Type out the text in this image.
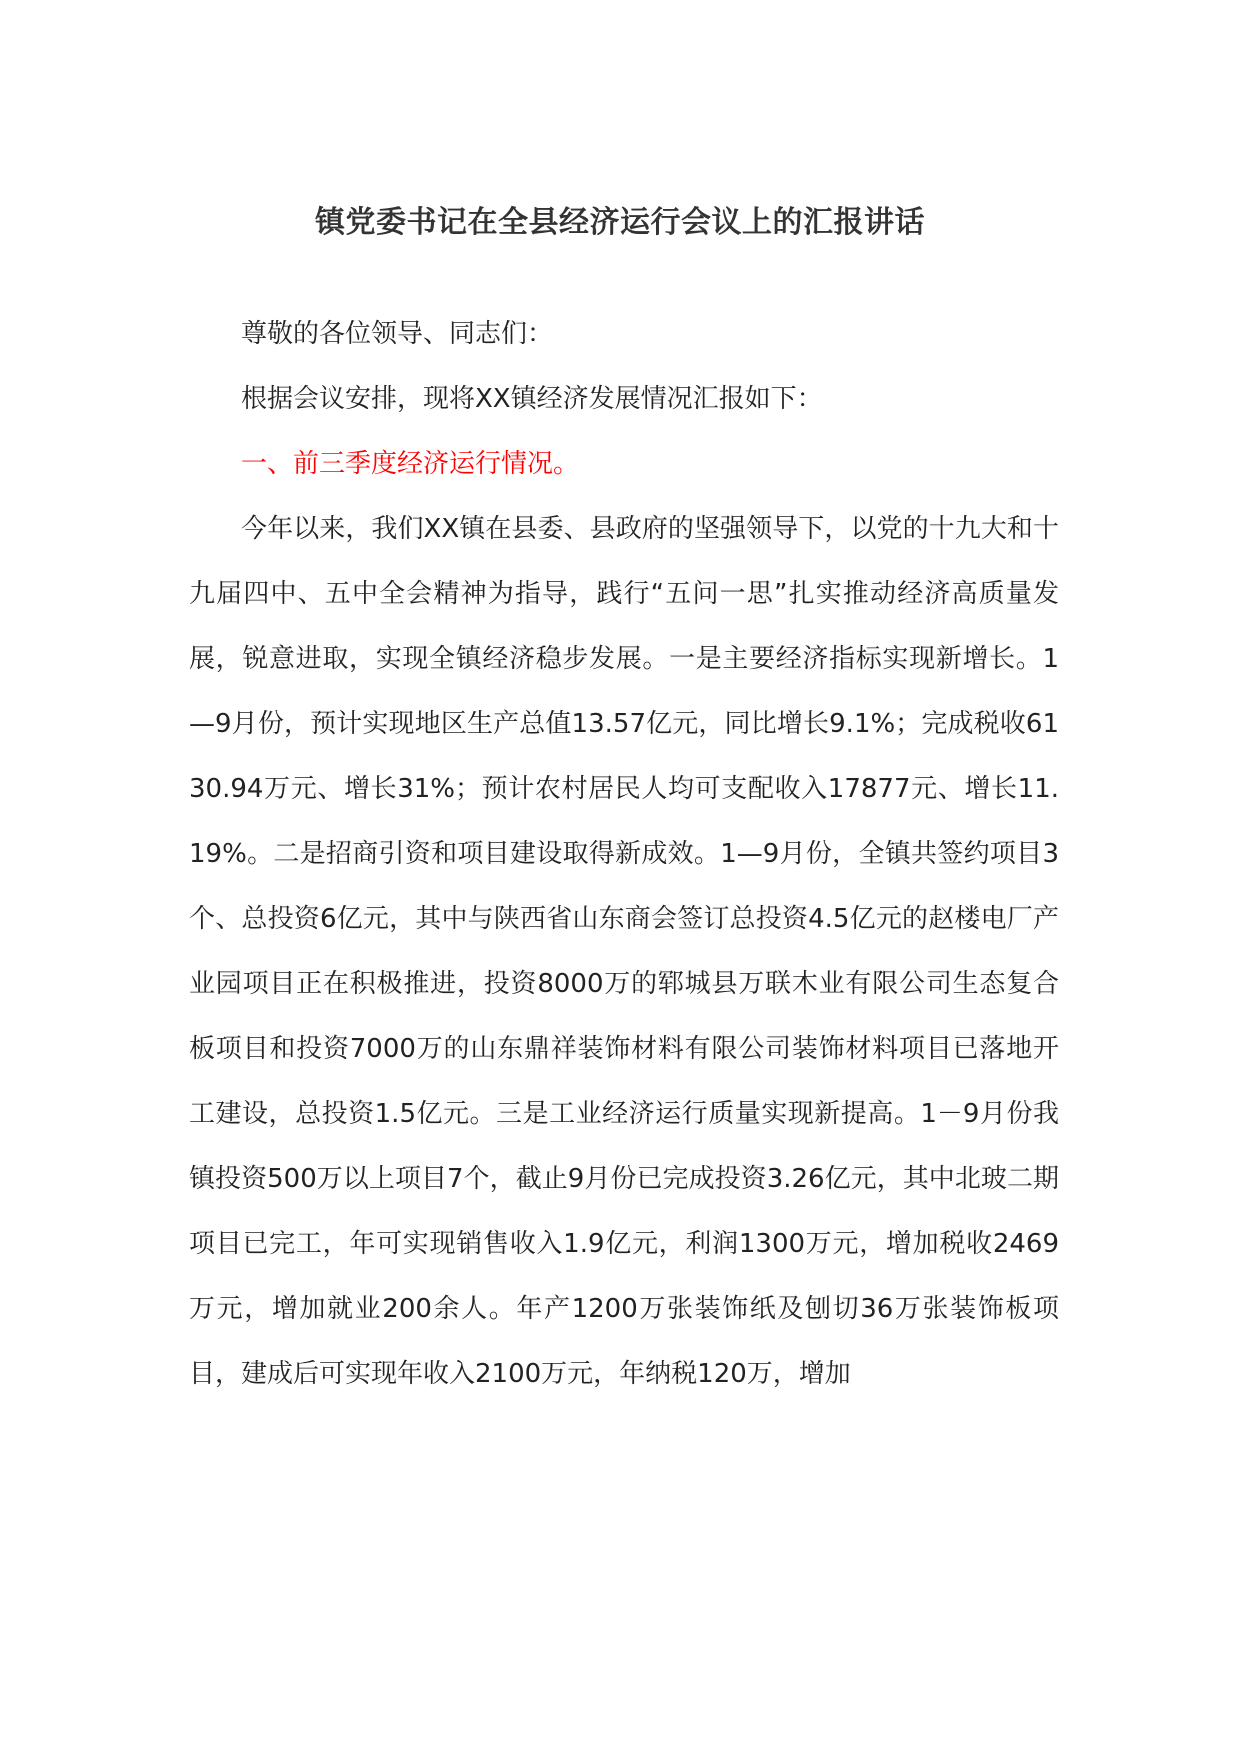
镇党委书记在全县经济运行会议上的汇报讲话

尊敬的各位领导、同志们：

根据会议安排，现将XX镇经济发展情况汇报如下：

一、前三季度经济运行情况。

今年以来，我们XX镇在县委、县政府的坚强领导下，以党的十九大和十九届四中、五中全会精神为指导，践行“五问一思”扎实推动经济高质量发展，锐意进取，实现全镇经济稳步发展。一是主要经济指标实现新增长。1—9月份，预计实现地区生产总值13.57亿元，同比增长9.1%；完成税收6130.94万元、增长31%；预计农村居民人均可支配收入17877元、增长11.19%。二是招商引资和项目建设取得新成效。1—9月份，全镇共签约项目3个、总投资6亿元，其中与陕西省山东商会签订总投资4.5亿元的赵楼电厂产业园项目正在积极推进，投资8000万的郓城县万联木业有限公司生态复合板项目和投资7000万的山东鼎祥装饰材料有限公司装饰材料项目已落地开工建设，总投资1.5亿元。三是工业经济运行质量实现新提高。1－9月份我镇投资500万以上项目7个，截止9月份已完成投资3.26亿元，其中北玻二期项目已完工，年可实现销售收入1.9亿元，利润1300万元，增加税收2469万元，增加就业200余人。年产1200万张装饰纸及刨切36万张装饰板项目，建成后可实现年收入2100万元，年纳税120万，增加
